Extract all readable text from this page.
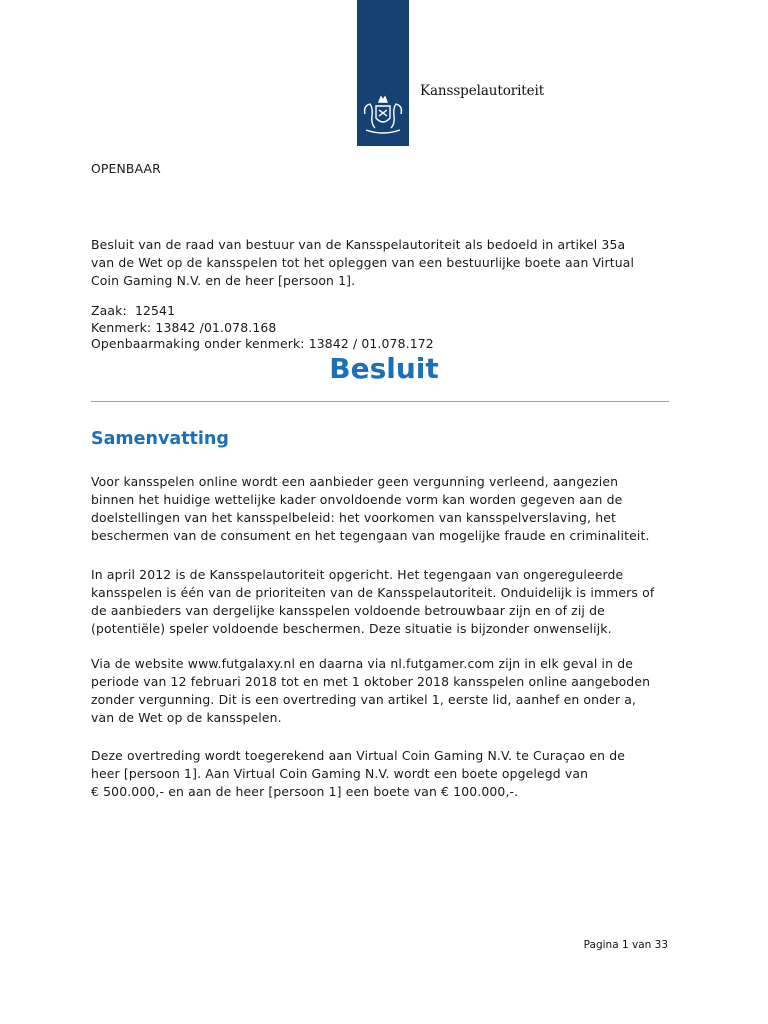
Kansspelautoriteit
OPENBAAR
Besluit van de raad van bestuur van de Kansspelautoriteit als bedoeld in artikel 35a
van de Wet op de kansspelen tot het opleggen van een bestuurlijke boete aan Virtual
Coin Gaming N.V. en de heer [persoon 1].
Zaak:  12541
Kenmerk: 13842 /01.078.168
Openbaarmaking onder kenmerk: 13842 / 01.078.172
Besluit
Samenvatting
Voor kansspelen online wordt een aanbieder geen vergunning verleend, aangezien
binnen het huidige wettelijke kader onvoldoende vorm kan worden gegeven aan de
doelstellingen van het kansspelbeleid: het voorkomen van kansspelverslaving, het
beschermen van de consument en het tegengaan van mogelijke fraude en criminaliteit.
In april 2012 is de Kansspelautoriteit opgericht. Het tegengaan van ongereguleerde
kansspelen is één van de prioriteiten van de Kansspelautoriteit. Onduidelijk is immers of
de aanbieders van dergelijke kansspelen voldoende betrouwbaar zijn en of zij de
(potentiële) speler voldoende beschermen. Deze situatie is bijzonder onwenselijk.
Via de website www.futgalaxy.nl en daarna via nl.futgamer.com zijn in elk geval in de
periode van 12 februari 2018 tot en met 1 oktober 2018 kansspelen online aangeboden
zonder vergunning. Dit is een overtreding van artikel 1, eerste lid, aanhef en onder a,
van de Wet op de kansspelen.
Deze overtreding wordt toegerekend aan Virtual Coin Gaming N.V. te Curaçao en de
heer [persoon 1]. Aan Virtual Coin Gaming N.V. wordt een boete opgelegd van
€ 500.000,- en aan de heer [persoon 1] een boete van € 100.000,-.
Pagina 1 van 33
